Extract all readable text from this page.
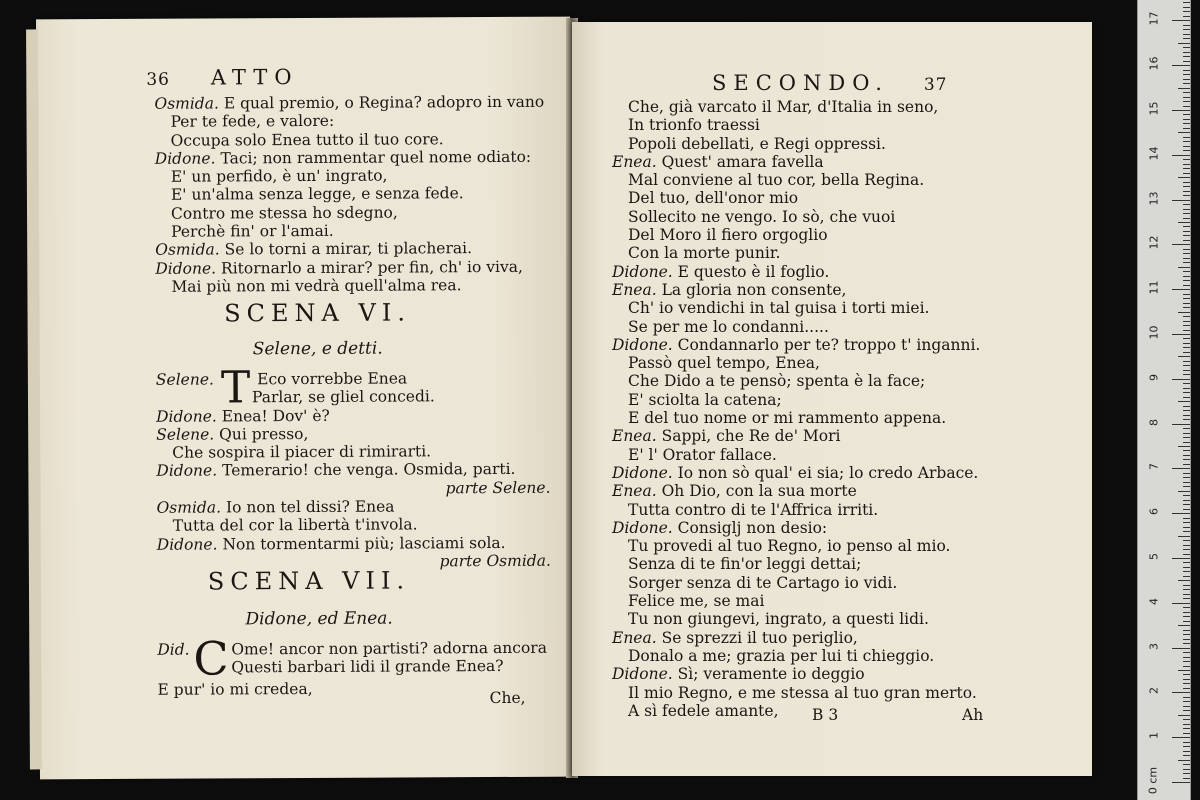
36 ATTO
Osmida. E qual premio, o Regina? adopro in vano
Per te fede, e valore:
Occupa solo Enea tutto il tuo core.
Didone. Taci; non rammentar quel nome odiato:
E' un perfido, è un' ingrato,
E' un'alma senza legge, e senza fede.
Contro me stessa ho sdegno,
Perchè fin' or l'amai.
Osmida. Se lo torni a mirar, ti placherai.
Didone. Ritornarlo a mirar? per fin, ch' io viva,
Mai più non mi vedrà quell'alma rea.
SCENA VI.
Selene, e detti.
Selene. T Eco vorrebbe Enea
Parlar, se gliel concedi.
Didone. Enea! Dov' è?
Selene. Qui presso,
Che sospira il piacer di rimirarti.
Didone. Temerario! che venga. Osmida, parti.
parte Selene.
Osmida. Io non tel dissi? Enea
Tutta del cor la libertà t'invola.
Didone. Non tormentarmi più; lasciami sola.
parte Osmida.
SCENA VII.
Didone, ed Enea.
Did. C Ome! ancor non partisti? adorna ancora
Questi barbari lidi il grande Enea?
E pur' io mi credea,	Che,
SECONDO. 37
Che, già varcato il Mar, d'Italia in seno,
In trionfo traessi
Popoli debellati, e Regi oppressi.
Enea. Quest' amara favella
Mal conviene al tuo cor, bella Regina.
Del tuo, dell'onor mio
Sollecito ne vengo. Io sò, che vuoi
Del Moro il fiero orgoglio
Con la morte punir.
Didone. E questo è il foglio.
Enea. La gloria non consente,
Ch' io vendichi in tal guisa i torti miei.
Se per me lo condanni.....
Didone. Condannarlo per te? troppo t' inganni.
Passò quel tempo, Enea,
Che Dido a te pensò; spenta è la face;
E' sciolta la catena;
E del tuo nome or mi rammento appena.
Enea. Sappi, che Re de' Mori
E' l' Orator fallace.
Didone. Io non sò qual' ei sia; lo credo Arbace.
Enea. Oh Dio, con la sua morte
Tutta contro di te l'Affrica irriti.
Didone. Consiglj non desio:
Tu provedi al tuo Regno, io penso al mio.
Senza di te fin'or leggi dettai;
Sorger senza di te Cartago io vidi.
Felice me, se mai
Tu non giungevi, ingrato, a questi lidi.
Enea. Se sprezzi il tuo periglio,
Donalo a me; grazia per lui ti chieggio.
Didone. Sì; veramente io deggio
Il mio Regno, e me stessa al tuo gran merto.
A sì fedele amante,	B 3	Ah
0 cm
1
2
3
4
5
6
7
8
9
10
11
12
13
14
15
16
17
